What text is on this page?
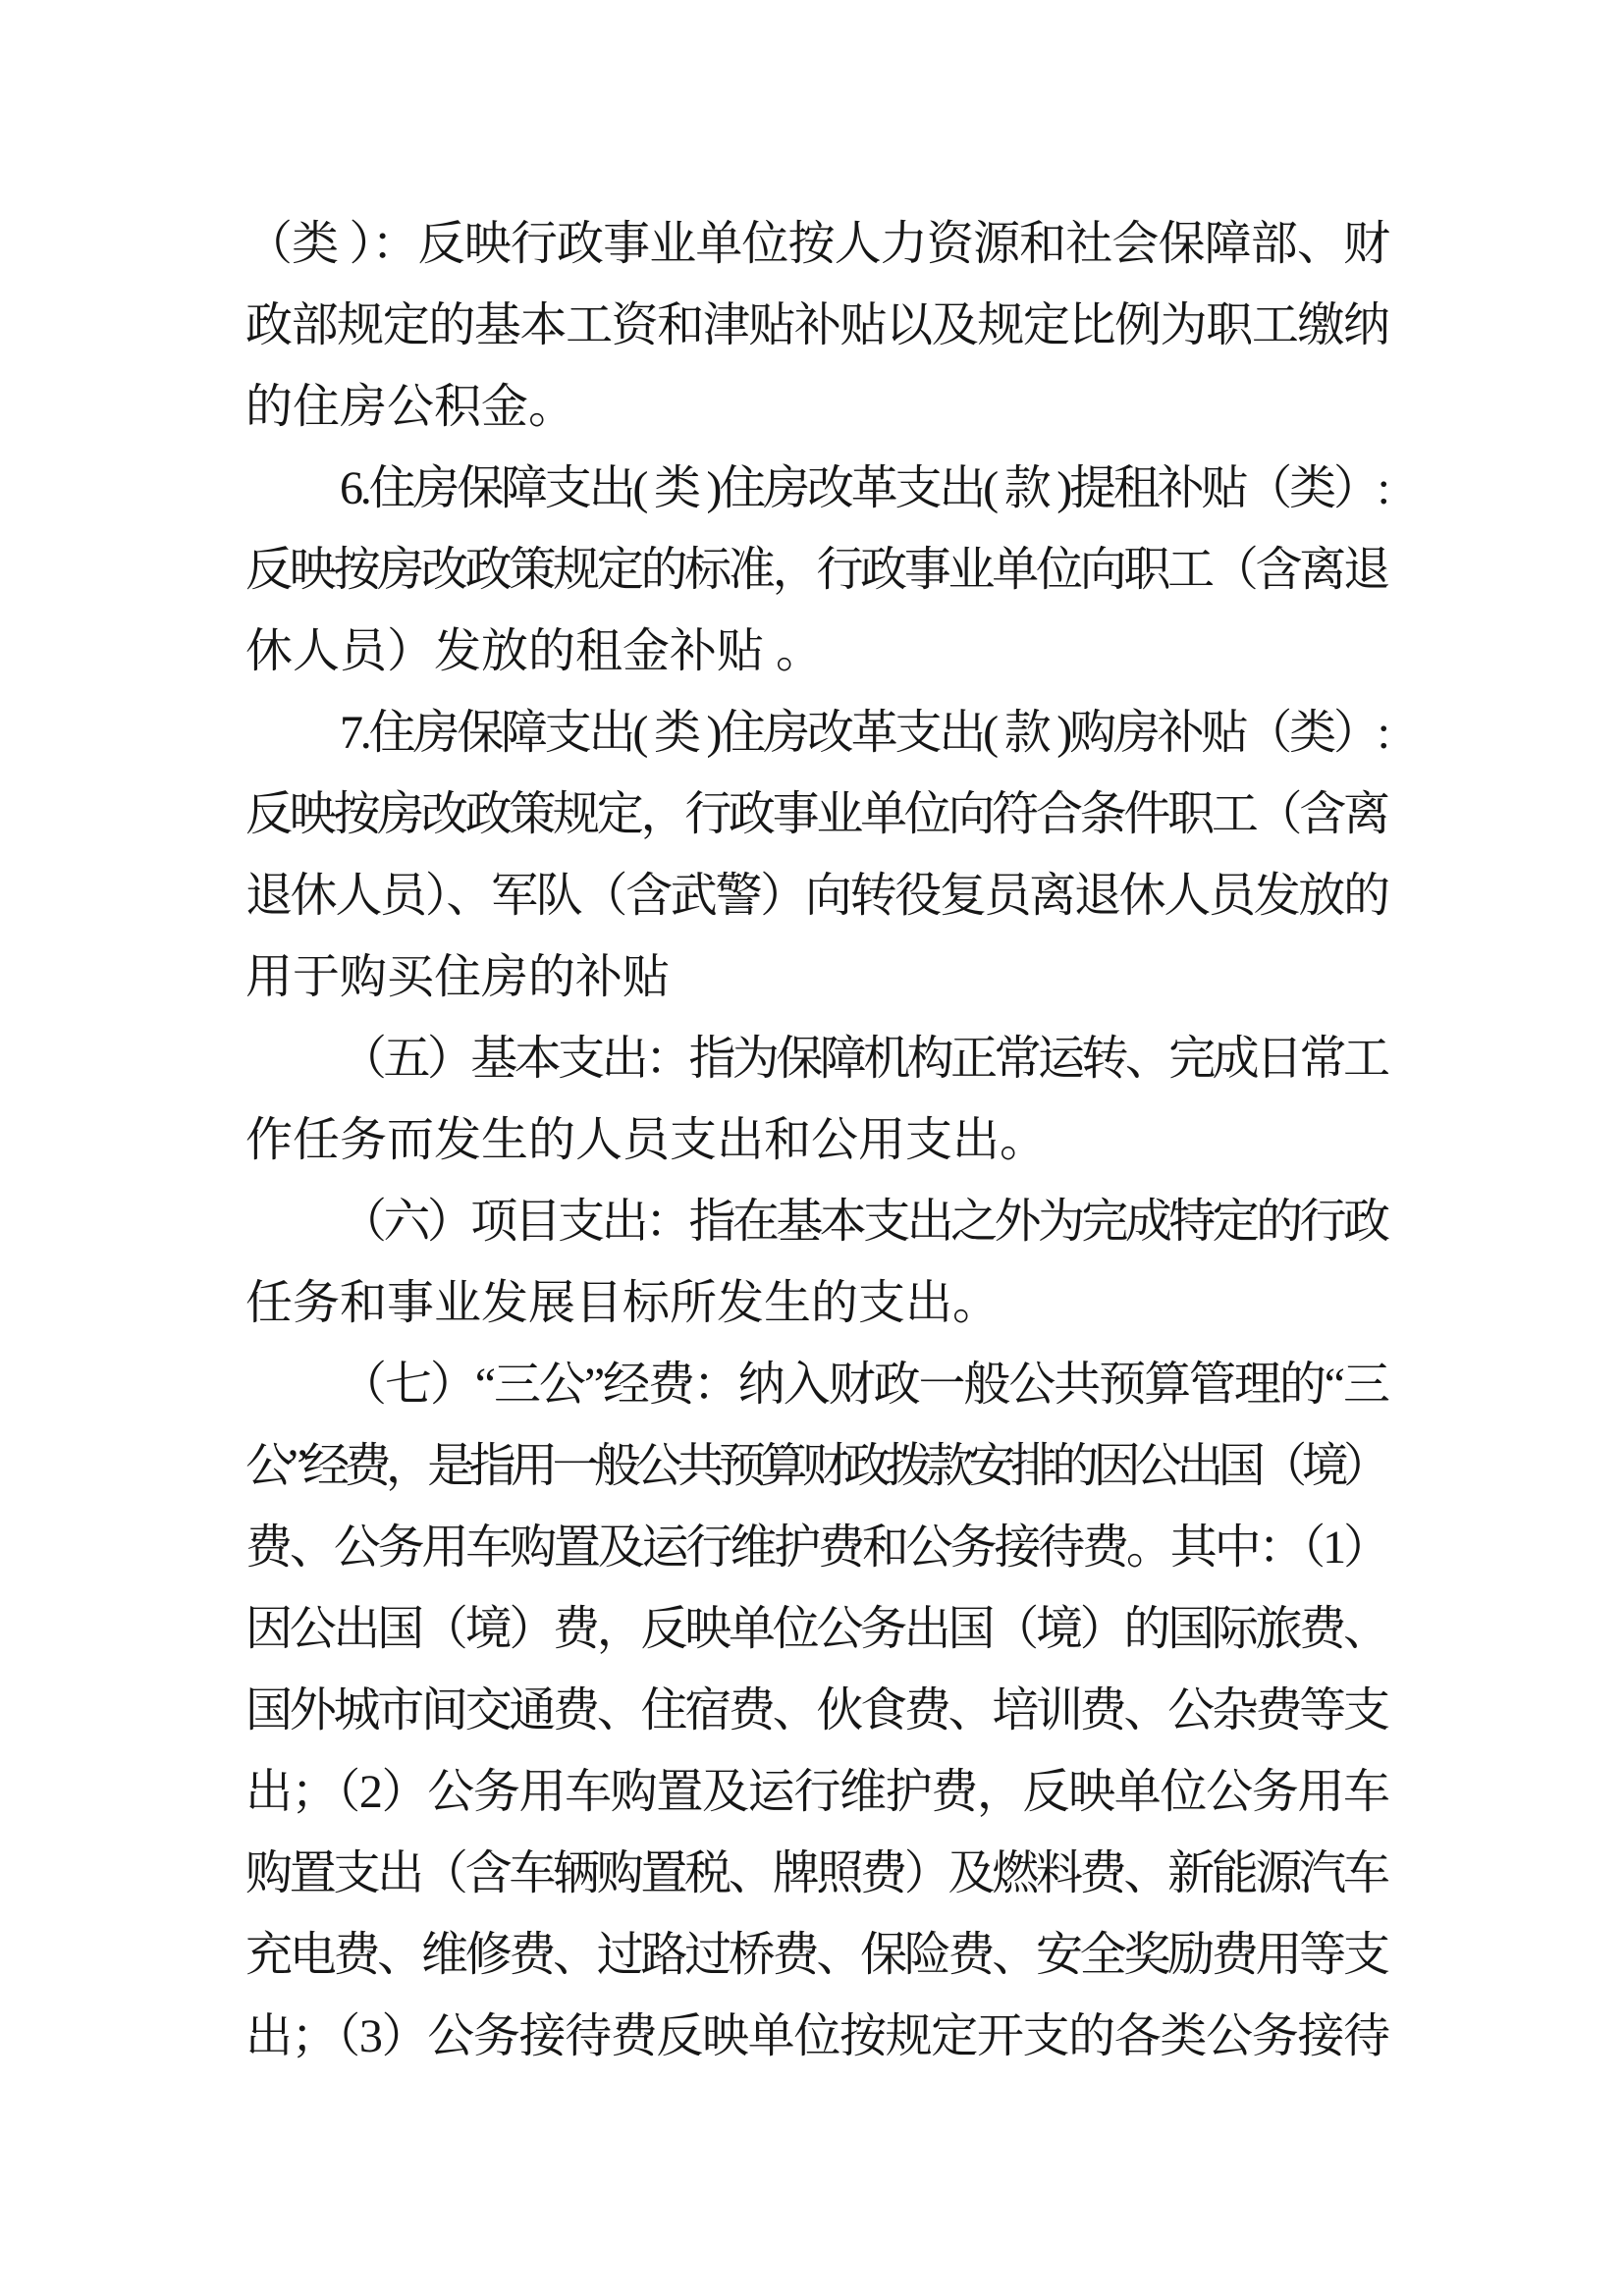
（类 ）：反映行政事业单位按人力资源和社会保障部、财
政部规定的基本工资和津贴补贴以及规定比例为职工缴纳
的住房公积金。
6.住房保障支出( 类 )住房改革支出( 款 )提租补贴（类）:
反映按房改政策规定的标准，行政事业单位向职工（含离退
休人员）发放的租金补贴 。
7.住房保障支出( 类 )住房改革支出( 款 )购房补贴（类）:
反映按房改政策规定，行政事业单位向符合条件职工（含离
退休人员）、军队（含武警）向转役复员离退休人员发放的
用于购买住房的补贴
（五）基本支出：指为保障机构正常运转、完成日常工
作任务而发生的人员支出和公用支出。
（六）项目支出：指在基本支出之外为完成特定的行政
任务和事业发展目标所发生的支出。
（七）“三公”经费：纳入财政一般公共预算管理的“三
公”经费，是指用一般公共预算财政拨款安排的因公出国（境）
费、公务用车购置及运行维护费和公务接待费。其中：（1）
因公出国（境）费，反映单位公务出国（境）的国际旅费、
国外城市间交通费、住宿费、伙食费、培训费、公杂费等支
出；（2）公务用车购置及运行维护费，反映单位公务用车
购置支出（含车辆购置税、牌照费）及燃料费、新能源汽车
充电费、维修费、过路过桥费、保险费、安全奖励费用等支
出；（3）公务接待费反映单位按规定开支的各类公务接待
